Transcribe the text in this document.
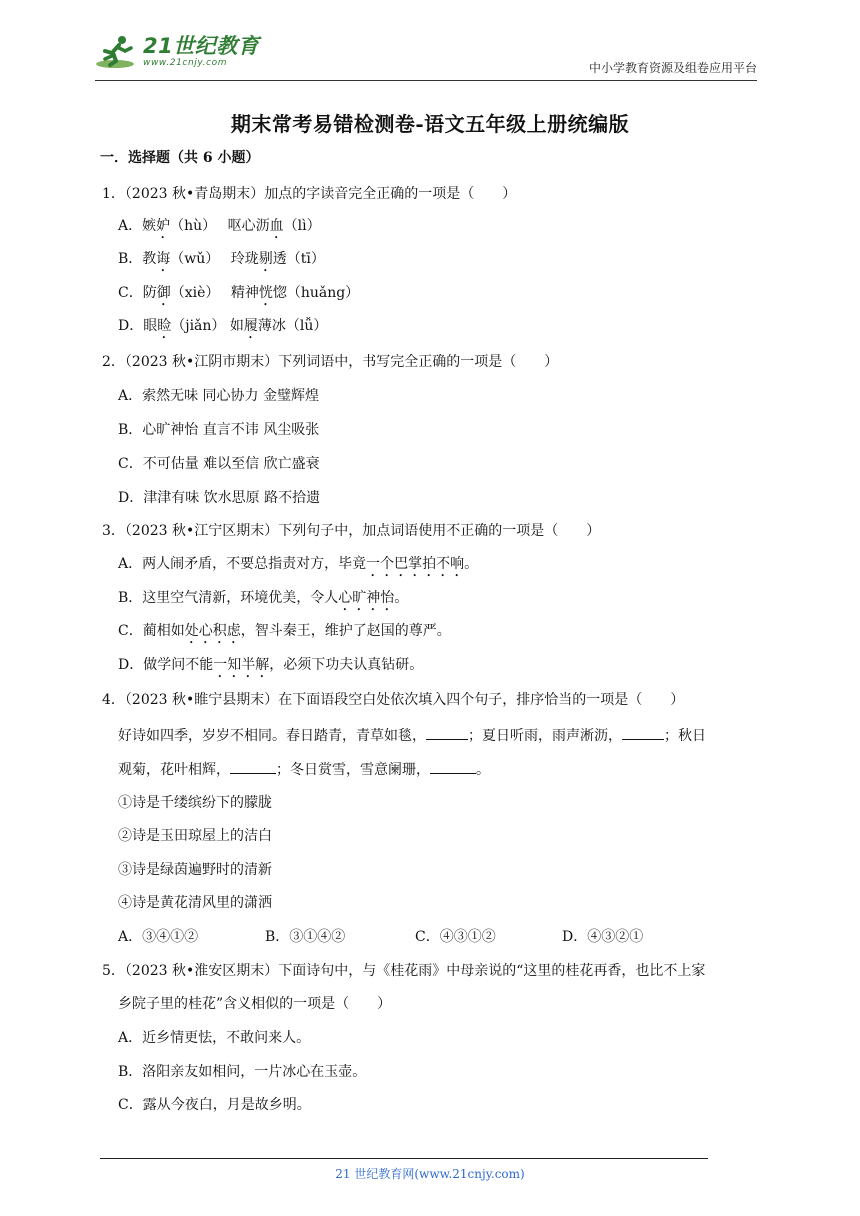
21世纪教育
www.21cnjy.com	中小学教育资源及组卷应用平台
期末常考易错检测卷-语文五年级上册统编版
一．选择题（共 6 小题）
1．（2023 秋•青岛期末）加点的字读音完全正确的一项是（　　）
A．嫉妒（hù）　 呕心沥血（lì）
B．教诲（wǔ）　 玲珑剔透（tī）
C．防御（xiè）　 精神恍惚（huǎng）
D．眼睑（jiǎn） 如履薄冰（lǚ）
2．（2023 秋•江阴市期末）下列词语中，书写完全正确的一项是（　　）
A．索然无味 同心协力 金璧辉煌
B．心旷神怡 直言不讳 风尘吸张
C．不可估量 难以至信 欣亡盛衰
D．津津有味 饮水思原 路不拾遗
3．（2023 秋•江宁区期末）下列句子中，加点词语使用不正确的一项是（　　）
A．两人闹矛盾，不要总指责对方，毕竟一个巴掌拍不响。
B．这里空气清新，环境优美，令人心旷神怡。
C．蔺相如处心积虑，智斗秦王，维护了赵国的尊严。
D．做学问不能一知半解，必须下功夫认真钻研。
4．（2023 秋•睢宁县期末）在下面语段空白处依次填入四个句子，排序恰当的一项是（　　）
好诗如四季，岁岁不相同。春日踏青，青草如毯，	；夏日听雨，雨声淅沥，	；秋日
观菊，花叶相辉，	；冬日赏雪，雪意阑珊，	。
①诗是千缕缤纷下的朦胧
②诗是玉田琼屋上的洁白
③诗是绿茵遍野时的清新
④诗是黄花清风里的潇洒
A．③④①②	B．③①④②	C．④③①②	D．④③②①
5．（2023 秋•淮安区期末）下面诗句中，与《桂花雨》中母亲说的“这里的桂花再香，也比不上家
乡院子里的桂花”含义相似的一项是（　　）
A．近乡情更怯，不敢问来人。
B．洛阳亲友如相问，一片冰心在玉壶。
C．露从今夜白，月是故乡明。
21 世纪教育网(www.21cnjy.com)
